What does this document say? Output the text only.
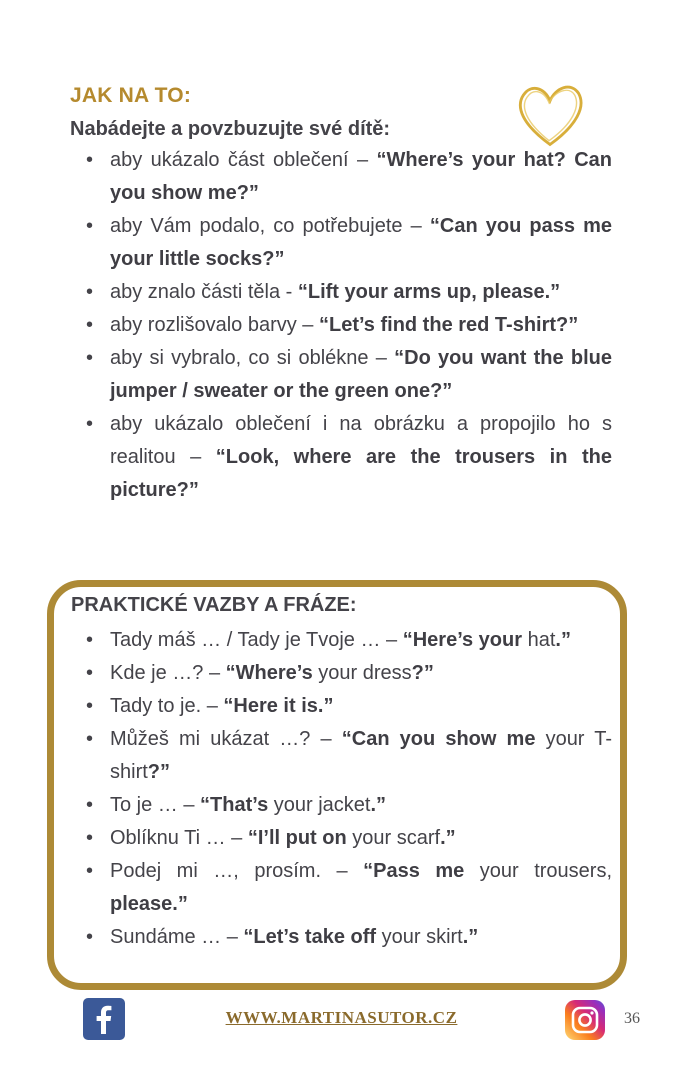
JAK NA TO:
Nabádejte a povzbuzujte své dítě:
• aby ukázalo část oblečení – “Where’s your hat? Can you show me?”
• aby Vám podalo, co potřebujete – “Can you pass me your little socks?”
• aby znalo části těla - “Lift your arms up, please.”
• aby rozlišovalo barvy – “Let’s find the red T-shirt?”
• aby si vybralo, co si oblékne – “Do you want the blue jumper / sweater or the green one?”
• aby ukázalo oblečení i na obrázku a propojilo ho s realitou – “Look, where are the trousers in the picture?”
PRAKTICKÉ VAZBY A FRÁZE:
• Tady máš … / Tady je Tvoje … – “Here’s your hat.”
• Kde je …? – “Where’s your dress?”
• Tady to je. – “Here it is.”
• Můžeš mi ukázat …? – “Can you show me your T-shirt?”
• To je … – “That’s your jacket.”
• Oblíknu Ti … – “I’ll put on your scarf.”
• Podej mi …, prosím. – “Pass me your trousers, please.”
• Sundáme … – “Let’s take off your skirt.”
WWW.MARTINASUTOR.CZ	36
